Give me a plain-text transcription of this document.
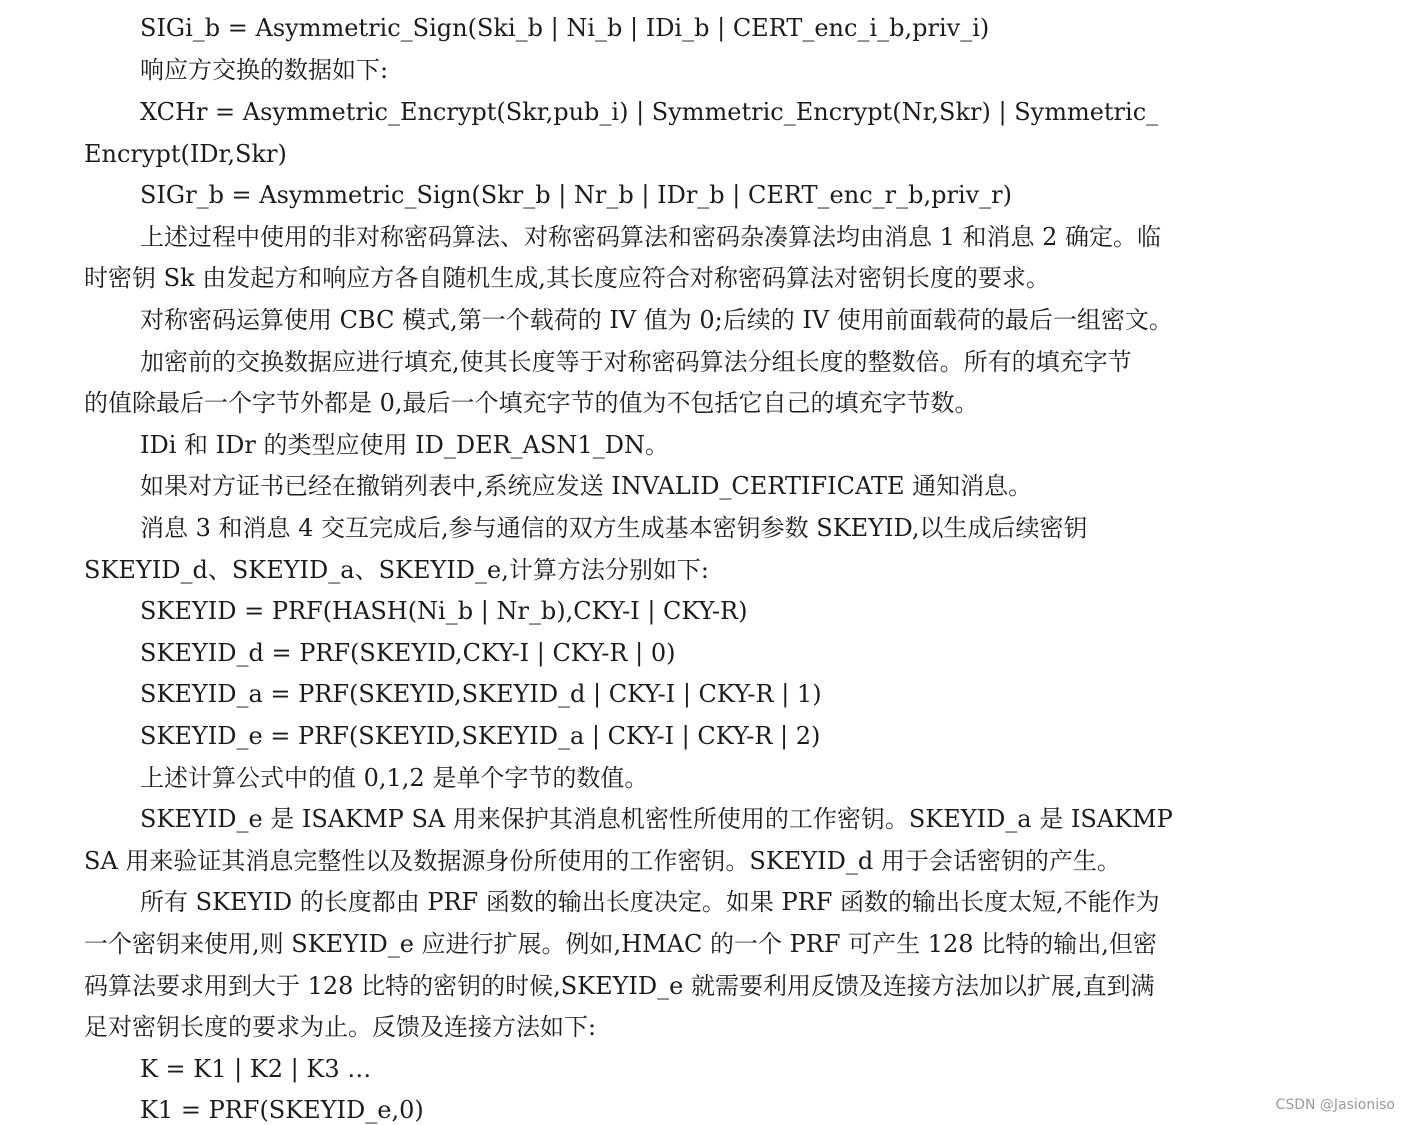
SIGi_b = Asymmetric_Sign(Ski_b | Ni_b | IDi_b | CERT_enc_i_b,priv_i)
响应方交换的数据如下:
XCHr = Asymmetric_Encrypt(Skr,pub_i) | Symmetric_Encrypt(Nr,Skr) | Symmetric_
Encrypt(IDr,Skr)
SIGr_b = Asymmetric_Sign(Skr_b | Nr_b | IDr_b | CERT_enc_r_b,priv_r)
上述过程中使用的非对称密码算法、对称密码算法和密码杂凑算法均由消息 1 和消息 2 确定。临
时密钥 Sk 由发起方和响应方各自随机生成,其长度应符合对称密码算法对密钥长度的要求。
对称密码运算使用 CBC 模式,第一个载荷的 IV 值为 0;后续的 IV 使用前面载荷的最后一组密文。
加密前的交换数据应进行填充,使其长度等于对称密码算法分组长度的整数倍。所有的填充字节
的值除最后一个字节外都是 0,最后一个填充字节的值为不包括它自己的填充字节数。
IDi 和 IDr 的类型应使用 ID_DER_ASN1_DN。
如果对方证书已经在撤销列表中,系统应发送 INVALID_CERTIFICATE 通知消息。
消息 3 和消息 4 交互完成后,参与通信的双方生成基本密钥参数 SKEYID,以生成后续密钥
SKEYID_d、SKEYID_a、SKEYID_e,计算方法分别如下:
SKEYID = PRF(HASH(Ni_b | Nr_b),CKY-I | CKY-R)
SKEYID_d = PRF(SKEYID,CKY-I | CKY-R | 0)
SKEYID_a = PRF(SKEYID,SKEYID_d | CKY-I | CKY-R | 1)
SKEYID_e = PRF(SKEYID,SKEYID_a | CKY-I | CKY-R | 2)
上述计算公式中的值 0,1,2 是单个字节的数值。
SKEYID_e 是 ISAKMP SA 用来保护其消息机密性所使用的工作密钥。SKEYID_a 是 ISAKMP
SA 用来验证其消息完整性以及数据源身份所使用的工作密钥。SKEYID_d 用于会话密钥的产生。
所有 SKEYID 的长度都由 PRF 函数的输出长度决定。如果 PRF 函数的输出长度太短,不能作为
一个密钥来使用,则 SKEYID_e 应进行扩展。例如,HMAC 的一个 PRF 可产生 128 比特的输出,但密
码算法要求用到大于 128 比特的密钥的时候,SKEYID_e 就需要利用反馈及连接方法加以扩展,直到满
足对密钥长度的要求为止。反馈及连接方法如下:
K = K1 | K2 | K3 …
K1 = PRF(SKEYID_e,0)	CSDN @Jasioniso
